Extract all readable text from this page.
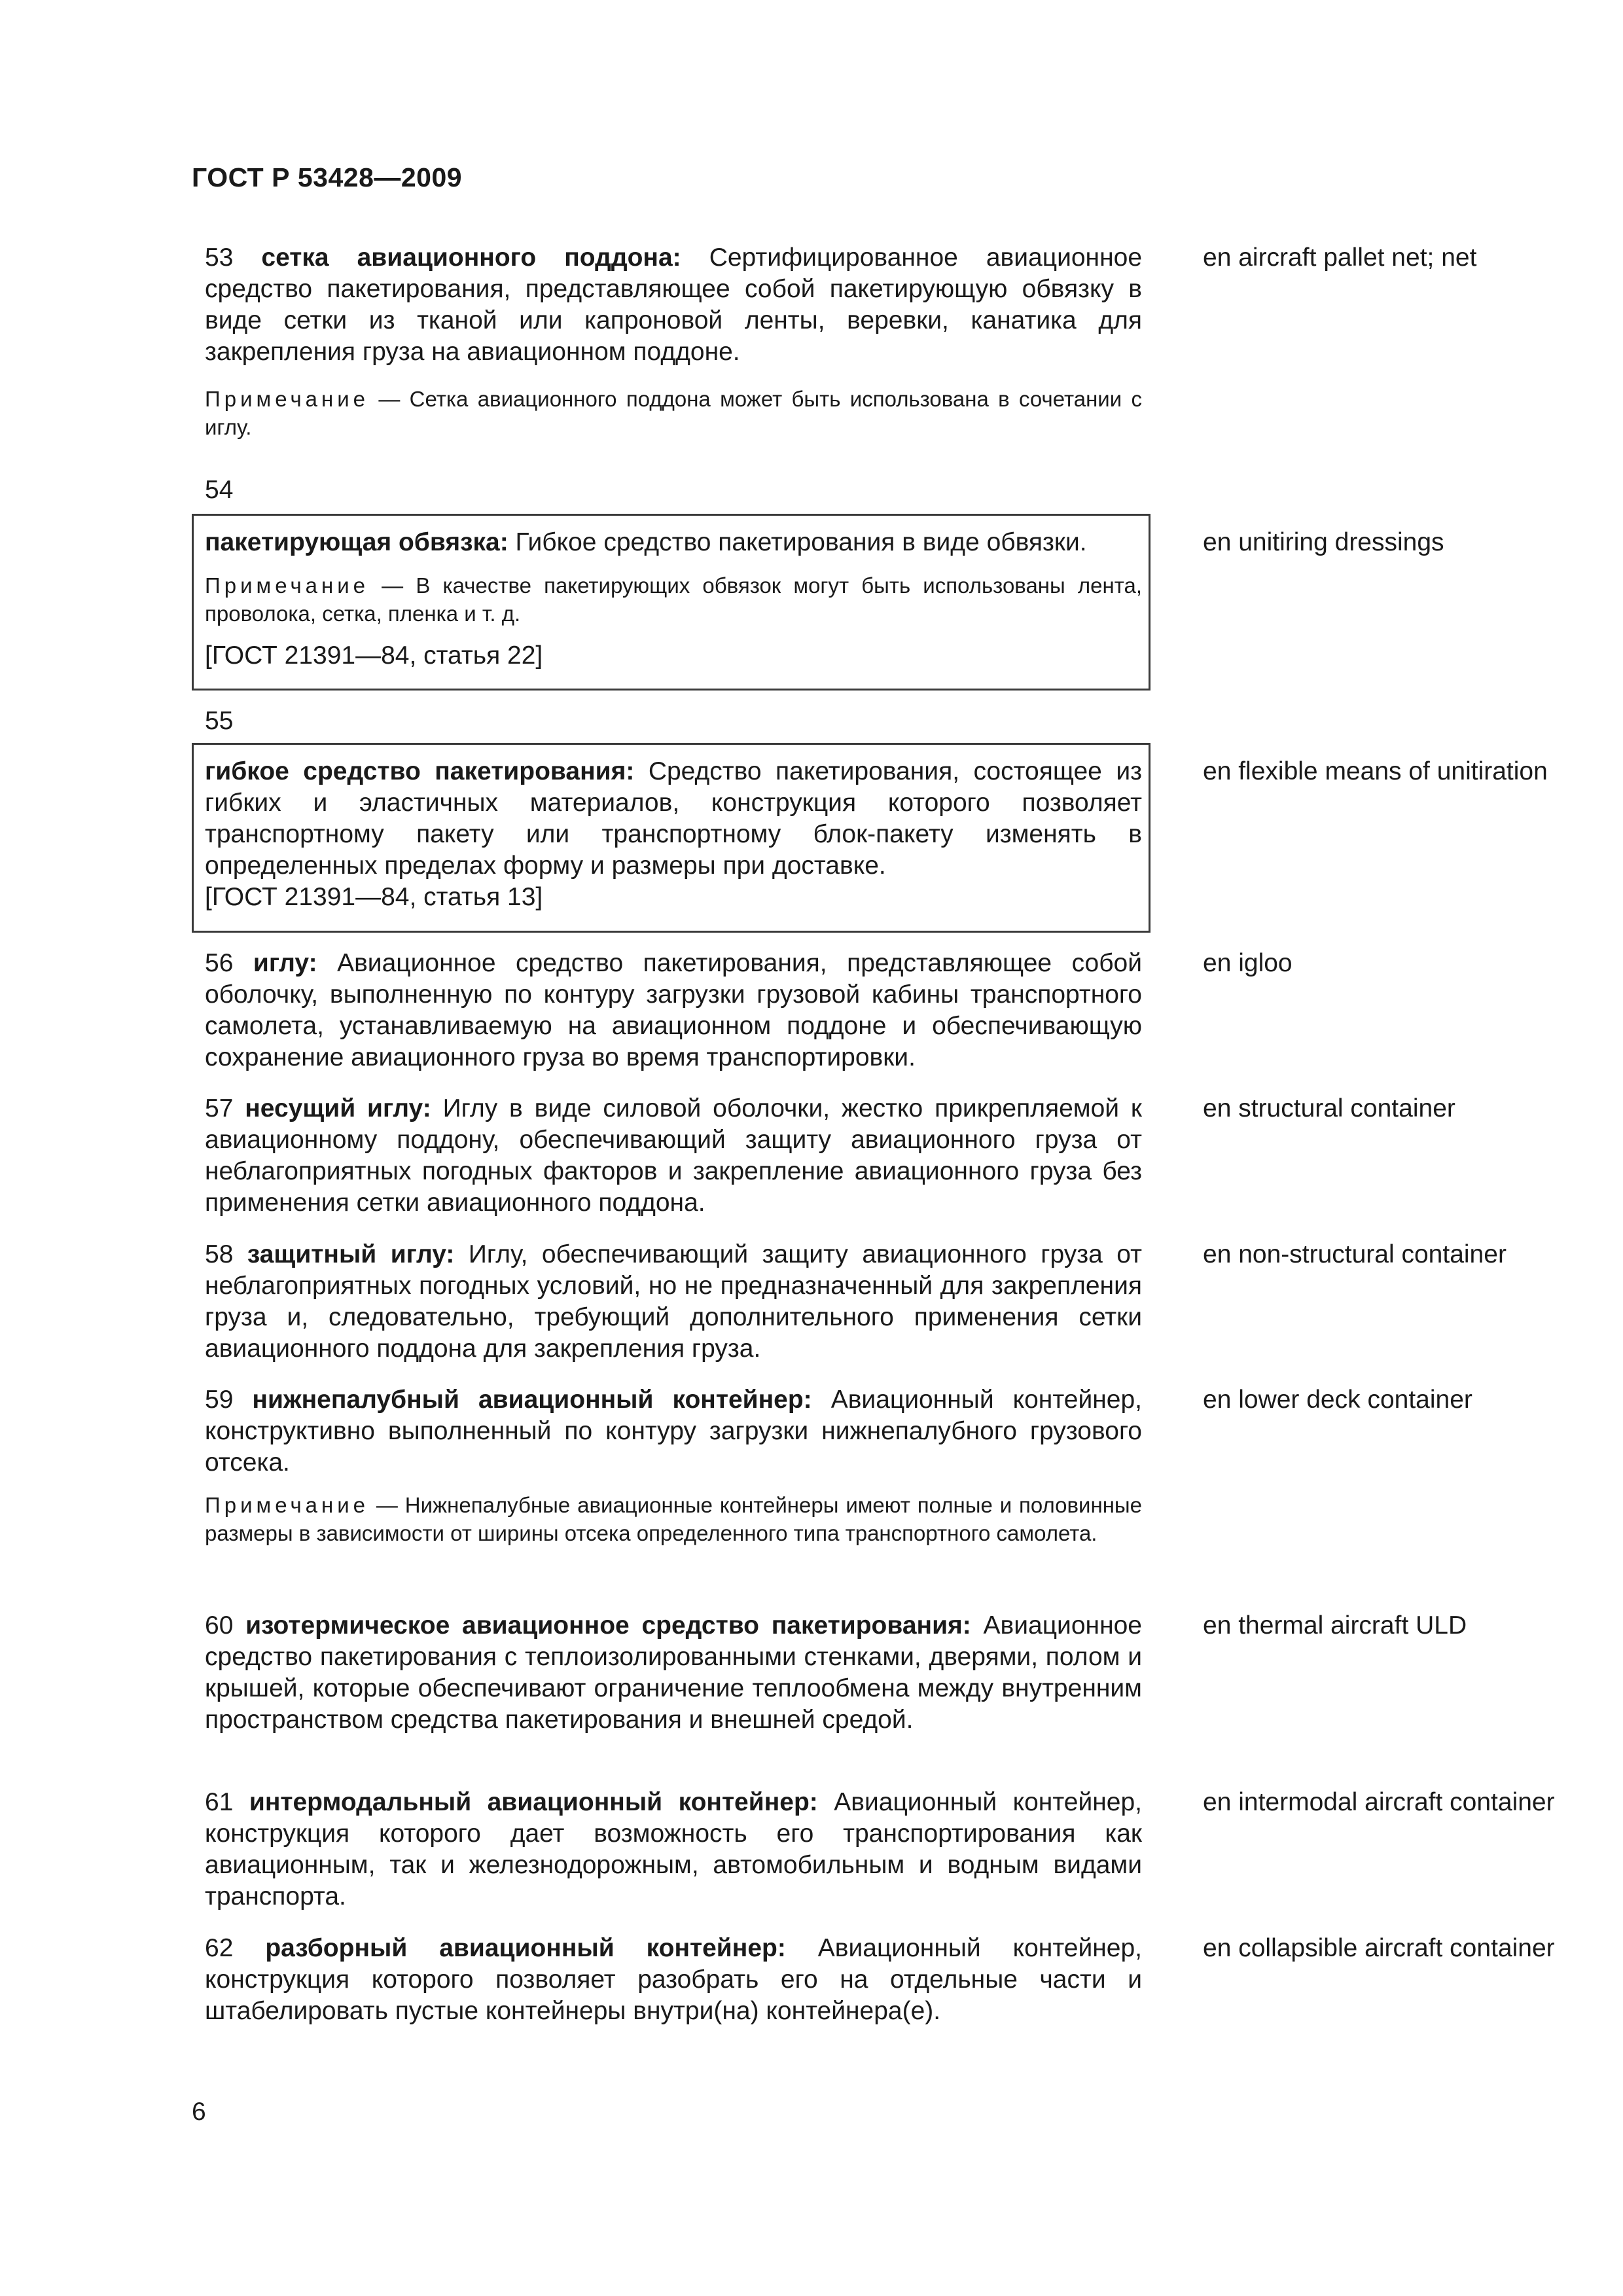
ГОСТ Р 53428—2009

53 сетка авиационного поддона: Сертифицированное авиационное средство пакетирования, представляющее собой пакетирующую обвязку в виде сетки из тканой или капроновой ленты, веревки, канатика для закрепления груза на авиационном поддоне.

Примечание — Сетка авиационного поддона может быть использована в сочетании с иглу.

en aircraft pallet net; net
54

пакетирующая обвязка: Гибкое средство пакетирования в виде обвязки.

Примечание — В качестве пакетирующих обвязок могут быть использованы лента, проволока, сетка, пленка и т. д.

[ГОСТ 21391—84, статья 22]
en unitiring dressings
55

гибкое средство пакетирования: Средство пакетирования, состоящее из гибких и эластичных материалов, конструкция которого позволяет транспортному пакету или транспортному блок-пакету изменять в определенных пределах форму и размеры при доставке.

[ГОСТ 21391—84, статья 13]
en flexible means of unitiration

56 иглу: Авиационное средство пакетирования, представляющее собой оболочку, выполненную по контуру загрузки грузовой кабины транспортного самолета, устанавливаемую на авиационном поддоне и обеспечивающую сохранение авиационного груза во время транспортировки.

en igloo

57 несущий иглу: Иглу в виде силовой оболочки, жестко прикрепляемой к авиационному поддону, обеспечивающий защиту авиационного груза от неблагоприятных погодных факторов и закрепление авиационного груза без применения сетки авиационного поддона.

en structural container

58 защитный иглу: Иглу, обеспечивающий защиту авиационного груза от неблагоприятных погодных условий, но не предназначенный для закрепления груза и, следовательно, требующий дополнительного применения сетки авиационного поддона для закрепления груза.

en non-structural container

59 нижнепалубный авиационный контейнер: Авиационный контейнер, конструктивно выполненный по контуру загрузки нижнепалубного грузового отсека.

Примечание — Нижнепалубные авиационные контейнеры имеют полные и половинные размеры в зависимости от ширины отсека определенного типа транспортного самолета.

en lower deck container

60 изотермическое авиационное средство пакетирования: Авиационное средство пакетирования с теплоизолированными стенками, дверями, полом и крышей, которые обеспечивают ограничение теплообмена между внутренним пространством средства пакетирования и внешней средой.

en thermal aircraft ULD

61 интермодальный авиационный контейнер: Авиационный контейнер, конструкция которого дает возможность его транспортирования как авиационным, так и железнодорожным, автомобильным и водным видами транспорта.

en intermodal aircraft container

62 разборный авиационный контейнер: Авиационный контейнер, конструкция которого позволяет разобрать его на отдельные части и штабелировать пустые контейнеры внутри(на) контейнера(е).

en collapsible aircraft container
6
